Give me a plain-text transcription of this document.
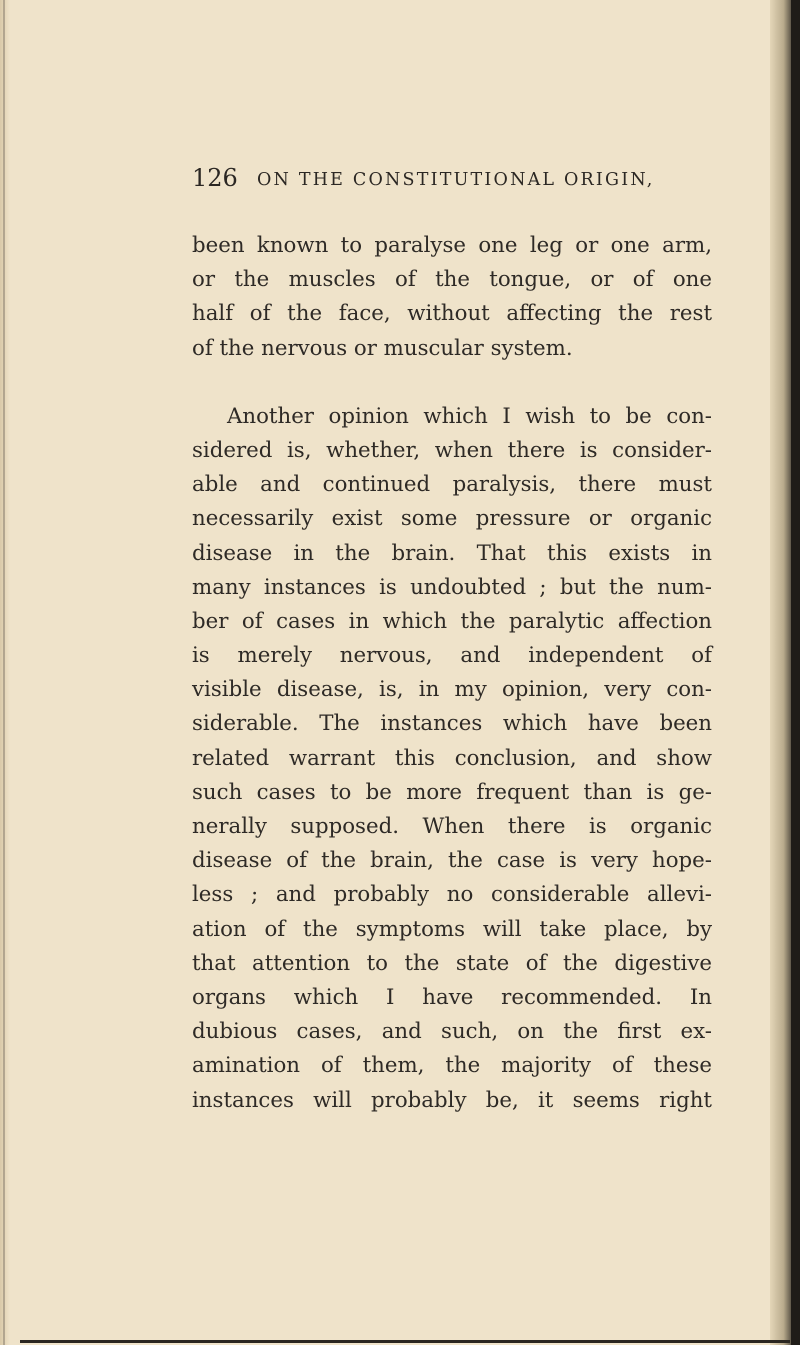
126 ON THE CONSTITUTIONAL ORIGIN,
been known to paralyse one leg or one arm,
or the muscles of the tongue, or of one
half of the face, without affecting the rest
of the nervous or muscular system.
Another opinion which I wish to be con-
sidered is, whether, when there is consider-
able and continued paralysis, there must
necessarily exist some pressure or organic
disease in the brain. That this exists in
many instances is undoubted ; but the num-
ber of cases in which the paralytic affection
is merely nervous, and independent of
visible disease, is, in my opinion, very con-
siderable. The instances which have been
related warrant this conclusion, and show
such cases to be more frequent than is ge-
nerally supposed. When there is organic
disease of the brain, the case is very hope-
less ; and probably no considerable allevi-
ation of the symptoms will take place, by
that attention to the state of the digestive
organs which I have recommended. In
dubious cases, and such, on the first ex-
amination of them, the majority of these
instances will probably be, it seems right
